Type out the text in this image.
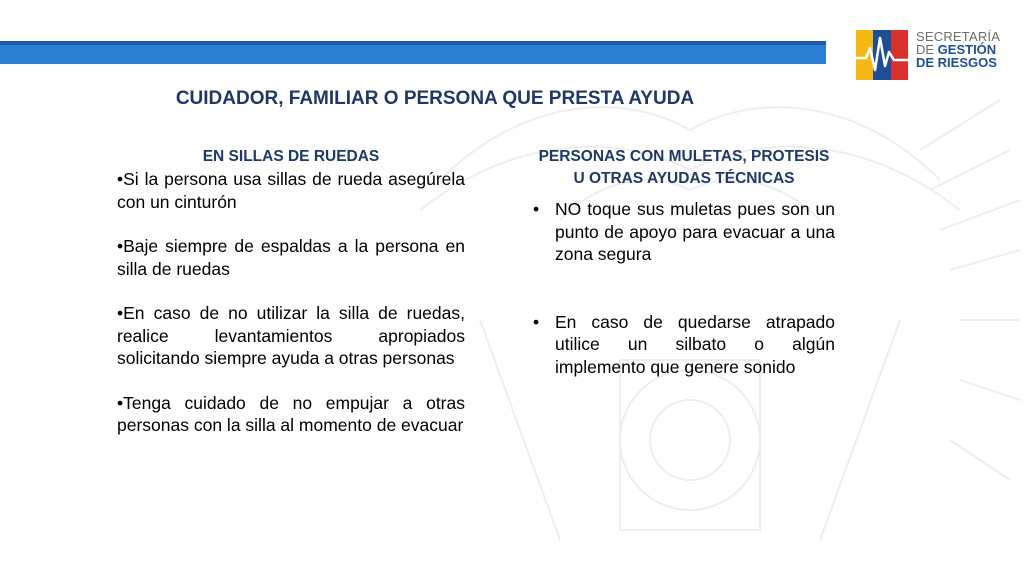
SECRETARÍA
DE GESTIÓN
DE RIESGOS
CUIDADOR, FAMILIAR O PERSONA QUE PRESTA AYUDA
EN SILLAS DE RUEDAS
•Si la persona usa sillas de rueda asegúrela con un cinturón
•Baje siempre de espaldas a la persona en silla de ruedas
•En caso de no utilizar la silla de ruedas, realice levantamientos apropiados solicitando siempre ayuda a otras personas
•Tenga cuidado de no empujar a otras personas con la silla al momento de evacuar
PERSONAS CON MULETAS, PROTESIS U OTRAS AYUDAS TÉCNICAS
• NO toque sus muletas pues son un punto de apoyo para evacuar a una zona segura
• En caso de quedarse atrapado utilice un silbato o algún implemento que genere sonido
